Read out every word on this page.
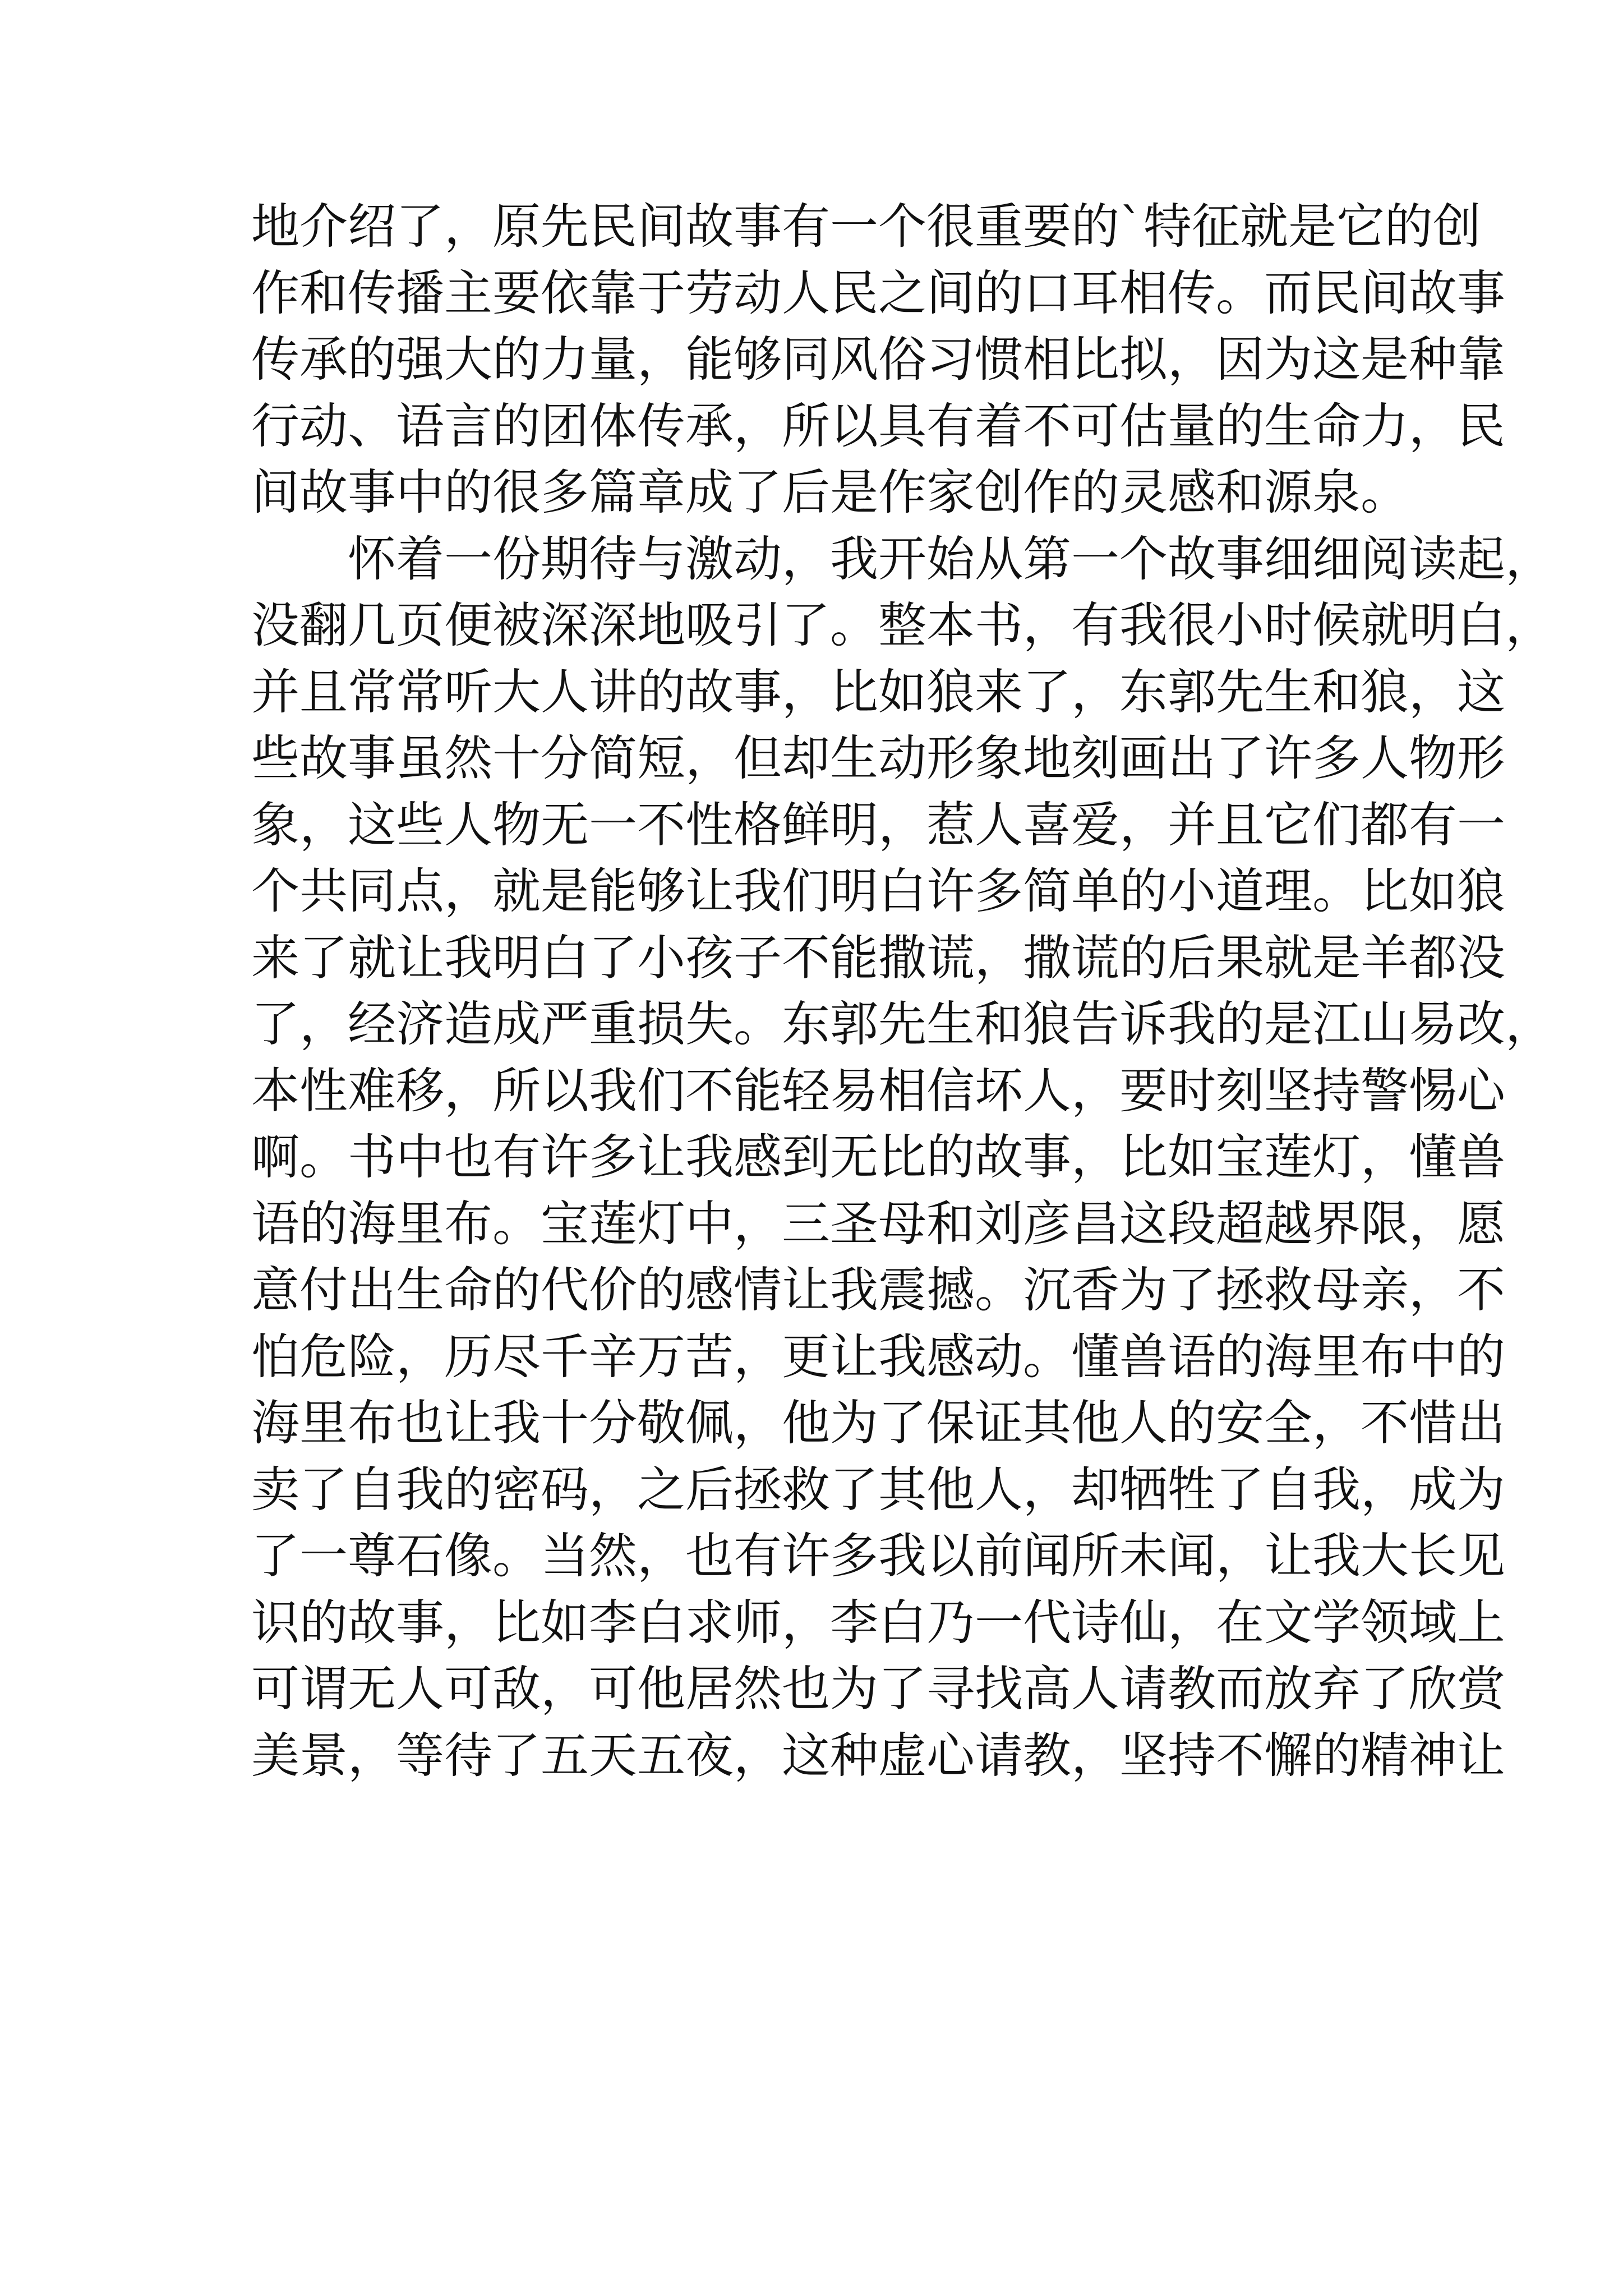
地介绍了，原先民间故事有一个很重要的`特征就是它的创
作和传播主要依靠于劳动人民之间的口耳相传。而民间故事
传承的强大的力量，能够同风俗习惯相比拟，因为这是种靠
行动、语言的团体传承，所以具有着不可估量的生命力，民
间故事中的很多篇章成了后是作家创作的灵感和源泉。
怀着一份期待与激动，我开始从第一个故事细细阅读起，
没翻几页便被深深地吸引了。整本书，有我很小时候就明白，
并且常常听大人讲的故事，比如狼来了，东郭先生和狼，这
些故事虽然十分简短，但却生动形象地刻画出了许多人物形
象，这些人物无一不性格鲜明，惹人喜爱，并且它们都有一
个共同点，就是能够让我们明白许多简单的小道理。比如狼
来了就让我明白了小孩子不能撒谎，撒谎的后果就是羊都没
了，经济造成严重损失。东郭先生和狼告诉我的是江山易改，
本性难移，所以我们不能轻易相信坏人，要时刻坚持警惕心
啊。书中也有许多让我感到无比的故事，比如宝莲灯，懂兽
语的海里布。宝莲灯中，三圣母和刘彦昌这段超越界限，愿
意付出生命的代价的感情让我震撼。沉香为了拯救母亲，不
怕危险，历尽千辛万苦，更让我感动。懂兽语的海里布中的
海里布也让我十分敬佩，他为了保证其他人的安全，不惜出
卖了自我的密码，之后拯救了其他人，却牺牲了自我，成为
了一尊石像。当然，也有许多我以前闻所未闻，让我大长见
识的故事，比如李白求师，李白乃一代诗仙，在文学领域上
可谓无人可敌，可他居然也为了寻找高人请教而放弃了欣赏
美景，等待了五天五夜，这种虚心请教，坚持不懈的精神让
